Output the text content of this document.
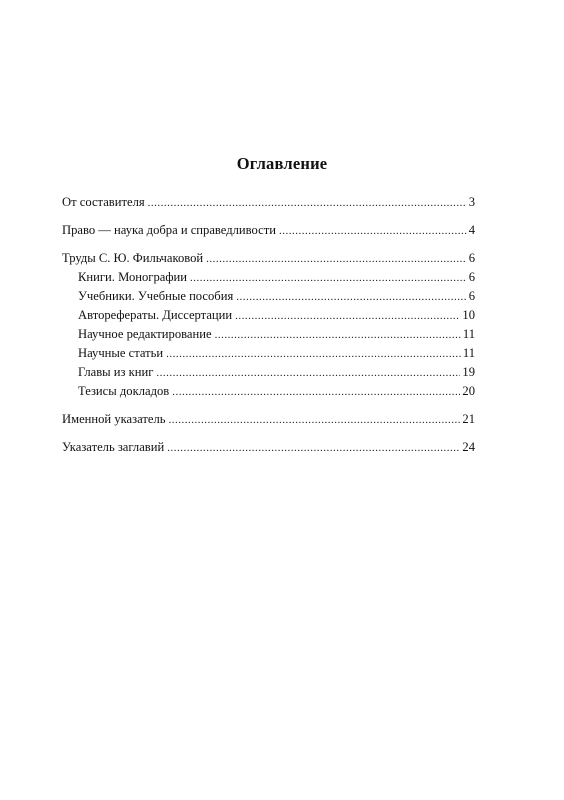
Оглавление
От составителя .....	3
Право — наука добра и справедливости .....	4
Труды С. Ю. Фильчаковой .....	6
Книги. Монографии .....	6
Учебники. Учебные пособия .....	6
Автореферaты. Диссертации .....	10
Научное редактирование .....	11
Научные статьи .....	11
Главы из книг .....	19
Тезисы докладов .....	20
Именной указатель .....	21
Указатель заглавий .....	24
